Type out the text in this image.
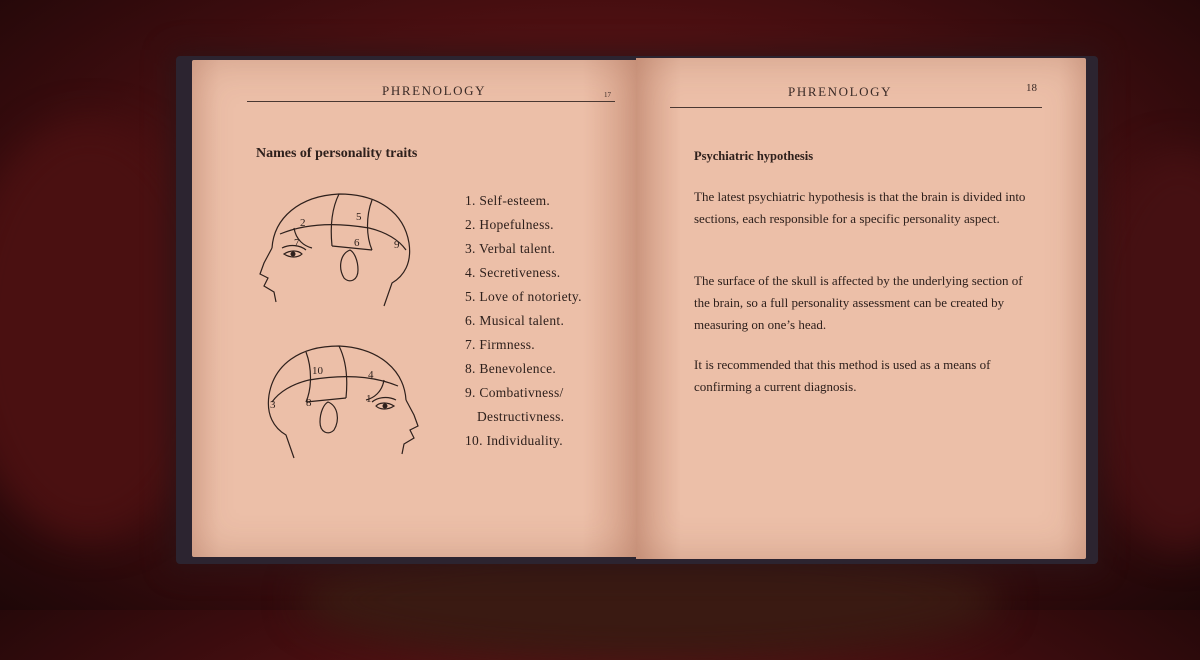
PHRENOLOGY	17
Names of personality traits
2	5
7	6	9
10	4
3	8	1
1. Self-esteem.
2. Hopefulness.
3. Verbal talent.
4. Secretiveness.
5. Love of notoriety.
6. Musical talent.
7. Firmness.
8. Benevolence.
9. Combativness/
Destructivness.
10. Individuality.
PHRENOLOGY	18
Psychiatric hypothesis

The latest psychiatric hypothesis is that the brain is divided into sections, each responsible for a specific personality aspect.

The surface of the skull is affected by the underlying section of the brain, so a full personality assessment can be created by measuring on one’s head.

It is recommended that this method is used as a means of confirming a current diagnosis.
